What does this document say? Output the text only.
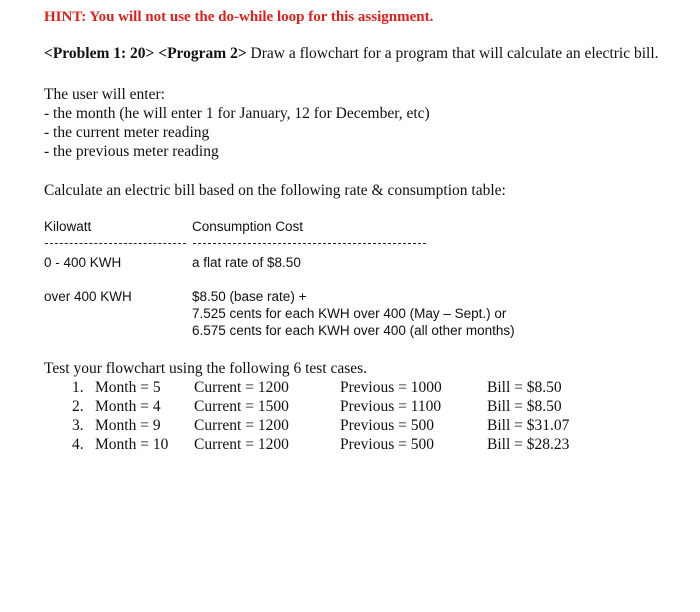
HINT: You will not use the do-while loop for this assignment.
<Problem 1: 20> <Program 2> Draw a flowchart for a program that will calculate an electric bill.
The user will enter:
- the month (he will enter 1 for January, 12 for December, etc)
- the current meter reading
- the previous meter reading
Calculate an electric bill based on the following rate & consumption table:
Kilowatt	Consumption Cost
0 - 400 KWH	a flat rate of $8.50
over 400 KWH	$8.50 (base rate) +
7.525 cents for each KWH over 400 (May – Sept.) or
6.575 cents for each KWH over 400 (all other months)
Test your flowchart using the following 6 test cases.
1. Month = 5 Current = 1200	Previous = 1000	Bill = $8.50
2. Month = 4 Current = 1500	Previous = 1100	Bill = $8.50
3. Month = 9 Current = 1200	Previous = 500	Bill = $31.07
4. Month = 10 Current = 1200	Previous = 500	Bill = $28.23
